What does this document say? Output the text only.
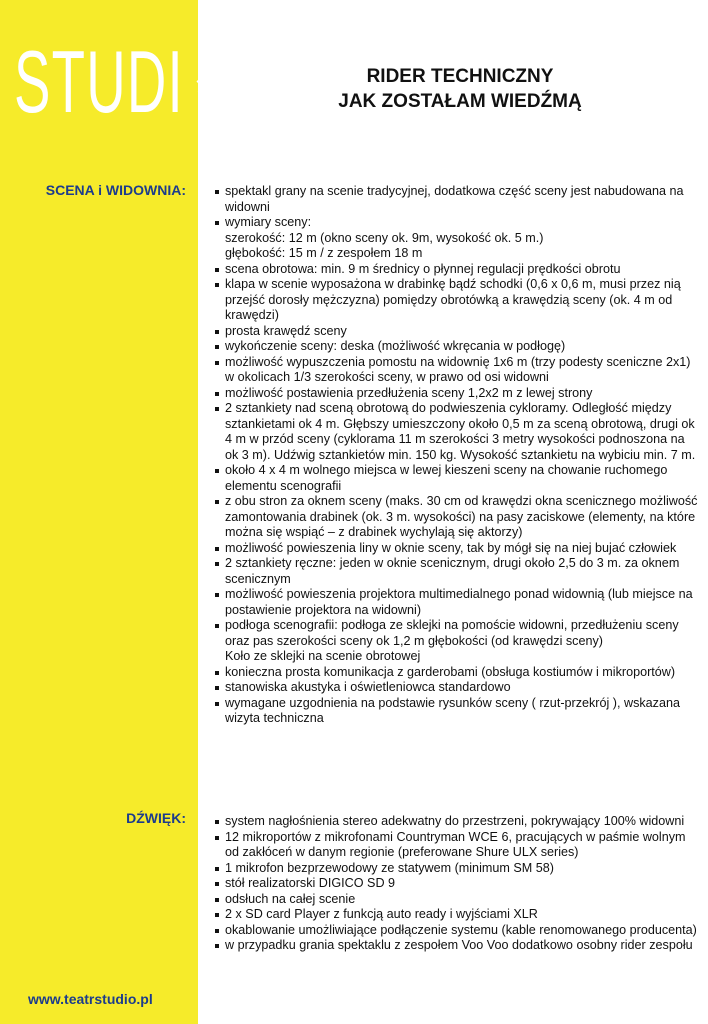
STUDI	RIDER TECHNICZNY
JAK ZOSTAŁAM WIEDŹMĄ
SCENA i WIDOWNIA:	spektakl grany na scenie tradycyjnej, dodatkowa część sceny jest nabudowana na widowni
wymiary sceny:
szerokość: 12 m (okno sceny ok. 9m, wysokość ok. 5 m.)
głębokość: 15 m / z zespołem 18 m
scena obrotowa: min. 9 m średnicy o płynnej regulacji prędkości obrotu
klapa w scenie wyposażona w drabinkę bądź schodki (0,6 x 0,6 m, musi przez nią przejść dorosły mężczyzna) pomiędzy obrotówką a krawędzią sceny (ok. 4 m od krawędzi)
prosta krawędź sceny
wykończenie sceny: deska (możliwość wkręcania w podłogę)
możliwość wypuszczenia pomostu na widownię 1x6 m (trzy podesty sceniczne 2x1) w okolicach 1/3 szerokości sceny, w prawo od osi widowni
możliwość postawienia przedłużenia sceny 1,2x2 m z lewej strony
2 sztankiety nad sceną obrotową do podwieszenia cykloramy. Odległość między sztankietami ok 4 m. Głębszy umieszczony około 0,5 m za sceną obrotową, drugi ok 4 m w przód sceny (cyklorama 11 m szerokości 3 metry wysokości podnoszona na ok 3 m). Udźwig sztankietów min. 150 kg. Wysokość sztankietu na wybiciu min. 7 m.
około 4 x 4 m wolnego miejsca w lewej kieszeni sceny na chowanie ruchomego elementu scenografii
z obu stron za oknem sceny (maks. 30 cm od krawędzi okna scenicznego możliwość zamontowania drabinek (ok. 3 m. wysokości) na pasy zaciskowe (elementy, na które można się wspiąć – z drabinek wychylają się aktorzy)
możliwość powieszenia liny w oknie sceny, tak by mógł się na niej bujać człowiek
2 sztankiety ręczne: jeden w oknie scenicznym, drugi około 2,5 do 3 m. za oknem scenicznym
możliwość powieszenia projektora multimedialnego ponad widownią (lub miejsce na postawienie projektora na widowni)
podłoga scenografii: podłoga ze sklejki na pomoście widowni, przedłużeniu sceny oraz pas szerokości sceny ok 1,2 m głębokości (od krawędzi sceny)
Koło ze sklejki na scenie obrotowej
konieczna prosta komunikacja z garderobami (obsługa kostiumów i mikroportów)
stanowiska akustyka i oświetleniowca standardowo
wymagane uzgodnienia na podstawie rysunków sceny ( rzut-przekrój ), wskazana wizyta techniczna
DŹWIĘK:	system nagłośnienia stereo adekwatny do przestrzeni, pokrywający 100% widowni
12 mikroportów z mikrofonami Countryman WCE 6, pracujących w paśmie wolnym od zakłóceń w danym regionie (preferowane Shure ULX series)
1 mikrofon bezprzewodowy ze statywem (minimum SM 58)
stół realizatorski DIGICO SD 9
odsłuch na całej scenie
2 x SD card Player z funkcją auto ready i wyjściami XLR
okablowanie umożliwiające podłączenie systemu (kable renomowanego producenta)
w przypadku grania spektaklu z zespołem Voo Voo dodatkowo osobny rider zespołu
www.teatrstudio.pl
